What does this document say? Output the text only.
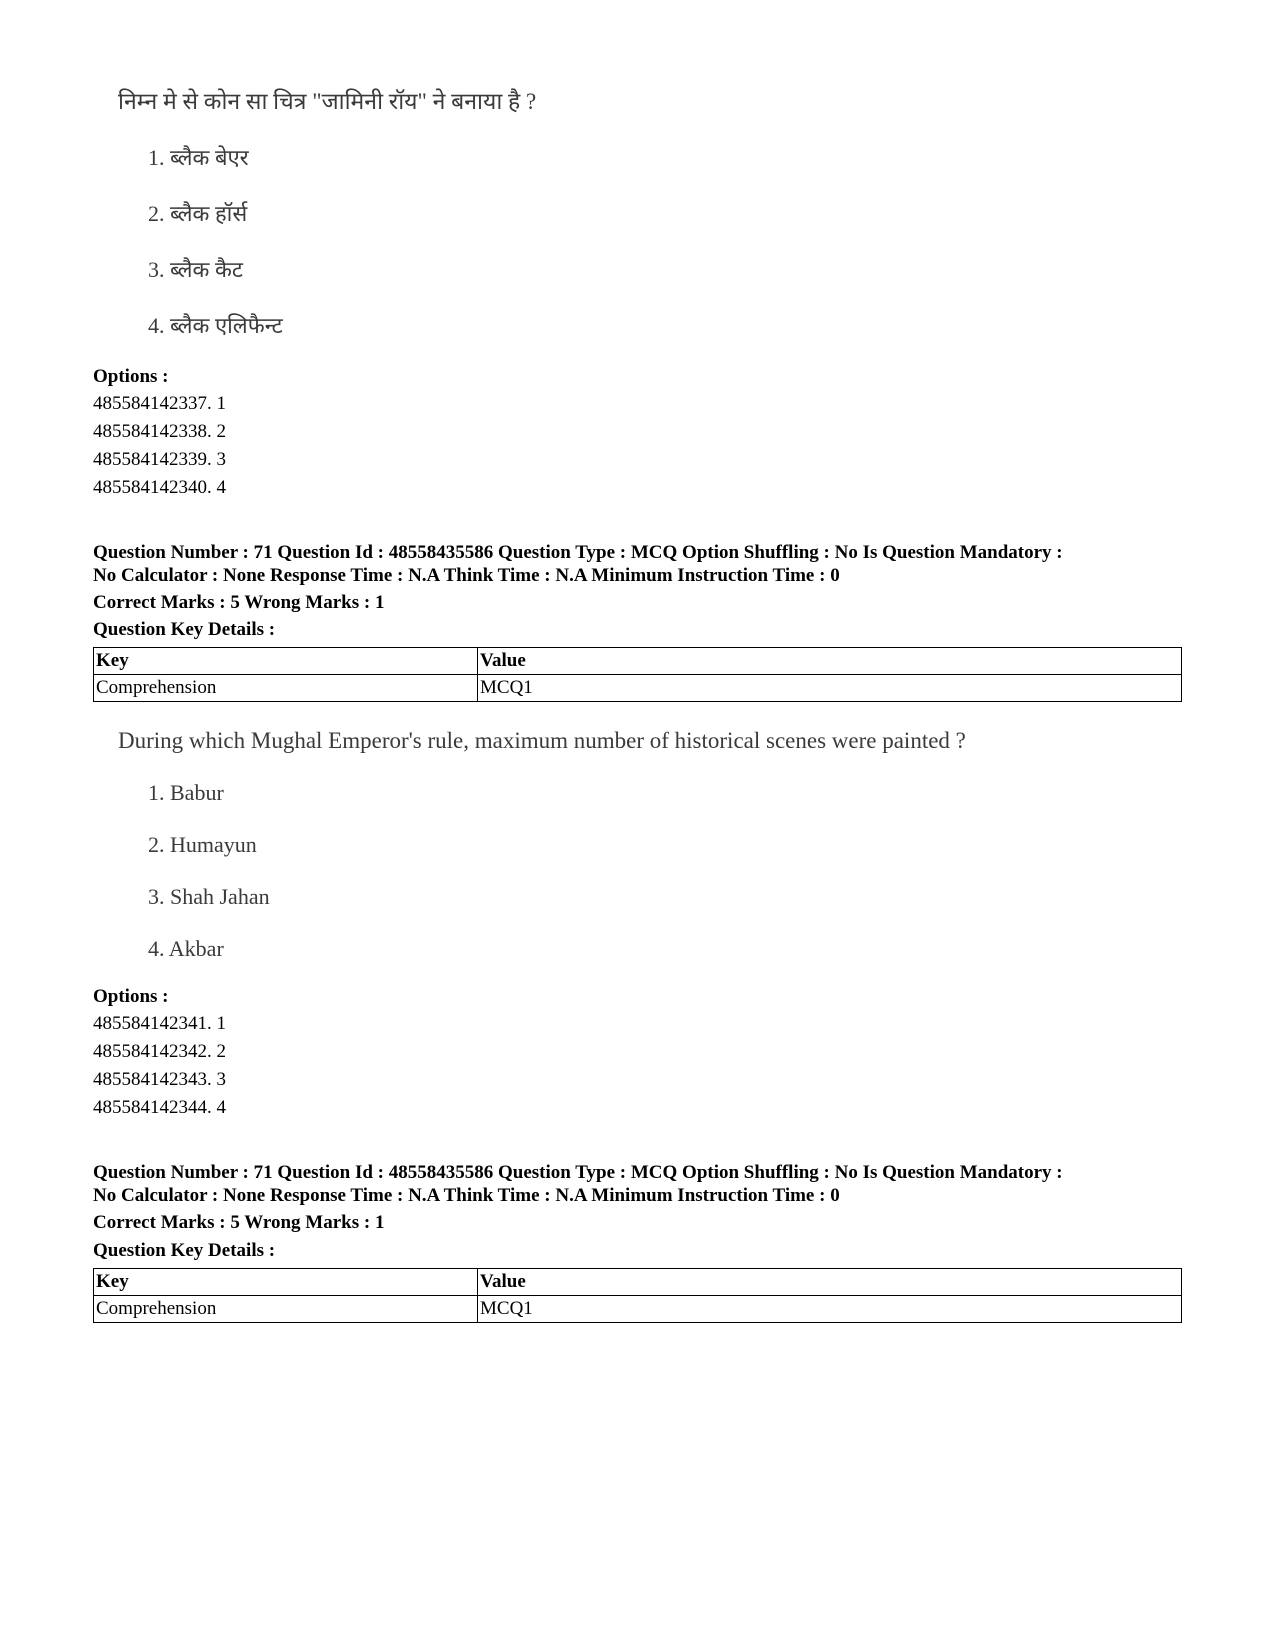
निम्न मे से कोन सा चित्र "जामिनी रॉय" ने बनाया है ?
1. ब्लैक बेएर
2. ब्लैक हॉर्स
3. ब्लैक कैट
4. ब्लैक एलिफैन्ट
Options :
485584142337. 1
485584142338. 2
485584142339. 3
485584142340. 4
Question Number : 71 Question Id : 48558435586 Question Type : MCQ Option Shuffling : No Is Question Mandatory :
No Calculator : None Response Time : N.A Think Time : N.A Minimum Instruction Time : 0
Correct Marks : 5 Wrong Marks : 1
Question Key Details :
Key	Value
Comprehension	MCQ1
During which Mughal Emperor's rule, maximum number of historical scenes were painted ?
1. Babur
2. Humayun
3. Shah Jahan
4. Akbar
Options :
485584142341. 1
485584142342. 2
485584142343. 3
485584142344. 4
Question Number : 71 Question Id : 48558435586 Question Type : MCQ Option Shuffling : No Is Question Mandatory :
No Calculator : None Response Time : N.A Think Time : N.A Minimum Instruction Time : 0
Correct Marks : 5 Wrong Marks : 1
Question Key Details :
Key	Value
Comprehension	MCQ1
